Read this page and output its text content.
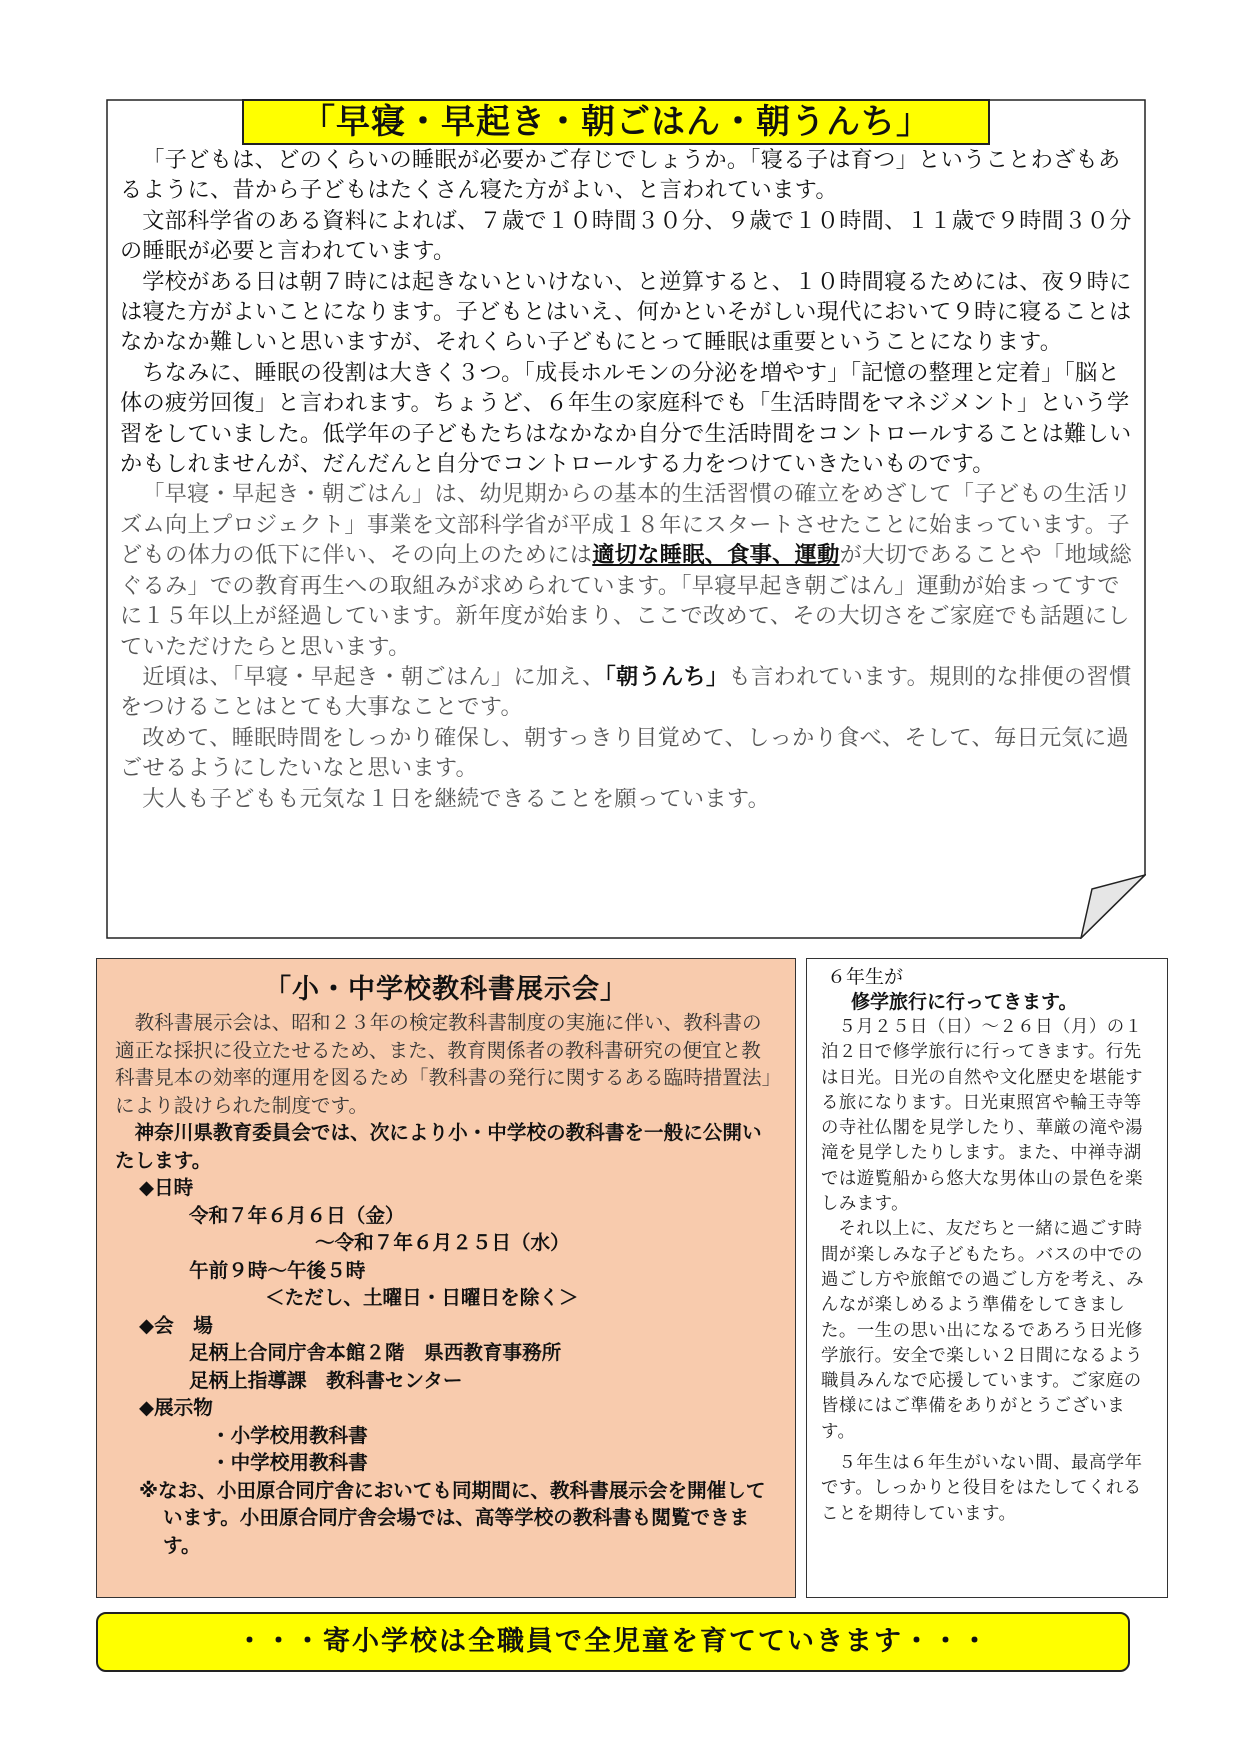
「早寝・早起き・朝ごはん・朝うんち」

「子どもは、どのくらいの睡眠が必要かご存じでしょうか。「寝る子は育つ」ということわざもあるように、昔から子どもはたくさん寝た方がよい、と言われています。

文部科学省のある資料によれば、７歳で１０時間３０分、９歳で１０時間、１１歳で９時間３０分の睡眠が必要と言われています。

学校がある日は朝７時には起きないといけない、と逆算すると、１０時間寝るためには、夜９時には寝た方がよいことになります。子どもとはいえ、何かといそがしい現代において９時に寝ることはなかなか難しいと思いますが、それくらい子どもにとって睡眠は重要ということになります。

ちなみに、睡眠の役割は大きく３つ。「成長ホルモンの分泌を増やす」「記憶の整理と定着」「脳と体の疲労回復」と言われます。ちょうど、６年生の家庭科でも「生活時間をマネジメント」という学習をしていました。低学年の子どもたちはなかなか自分で生活時間をコントロールすることは難しいかもしれませんが、だんだんと自分でコントロールする力をつけていきたいものです。

「早寝・早起き・朝ごはん」は、幼児期からの基本的生活習慣の確立をめざして「子どもの生活リズム向上プロジェクト」事業を文部科学省が平成１８年にスタートさせたことに始まっています。子どもの体力の低下に伴い、その向上のためには適切な睡眠、食事、運動が大切であることや「地域総ぐるみ」での教育再生への取組みが求められています。「早寝早起き朝ごはん」運動が始まってすでに１５年以上が経過しています。新年度が始まり、ここで改めて、その大切さをご家庭でも話題にしていただけたらと思います。

近頃は、「早寝・早起き・朝ごはん」に加え、「朝うんち」も言われています。規則的な排便の習慣をつけることはとても大事なことです。

改めて、睡眠時間をしっかり確保し、朝すっきり目覚めて、しっかり食べ、そして、毎日元気に過ごせるようにしたいなと思います。

大人も子どもも元気な１日を継続できることを願っています。

「小・中学校教科書展示会」
教科書展示会は、昭和２３年の検定教科書制度の実施に伴い、教科書の適正な採択に役立たせるため、また、教育関係者の教科書研究の便宜と教科書見本の効率的運用を図るため「教科書の発行に関するある臨時措置法」により設けられた制度です。
神奈川県教育委員会では、次により小・中学校の教科書を一般に公開いたします。
◆日時
令和７年６月６日（金）
～令和７年６月２５日（水）
午前９時～午後５時
＜ただし、土曜日・日曜日を除く＞
◆会　場
足柄上合同庁舎本館２階　県西教育事務所
足柄上指導課　教科書センター
◆展示物
・小学校用教科書
・中学校用教科書
※なお、小田原合同庁舎においても同期間に、教科書展示会を開催しています。小田原合同庁舎会場では、高等学校の教科書も閲覧できます。
６年生が
修学旅行に行ってきます。

５月２５日（日）～２６日（月）の１泊２日で修学旅行に行ってきます。行先は日光。日光の自然や文化歴史を堪能する旅になります。日光東照宮や輪王寺等の寺社仏閣を見学したり、華厳の滝や湯滝を見学したりします。また、中禅寺湖では遊覧船から悠大な男体山の景色を楽しみます。

それ以上に、友だちと一緒に過ごす時間が楽しみな子どもたち。バスの中での過ごし方や旅館での過ごし方を考え、みんなが楽しめるよう準備をしてきました。一生の思い出になるであろう日光修学旅行。安全で楽しい２日間になるよう職員みんなで応援しています。ご家庭の皆様にはご準備をありがとうございます。

５年生は６年生がいない間、最高学年です。しっかりと役目をはたしてくれることを期待しています。

・・・寄小学校は全職員で全児童を育てていきます・・・
